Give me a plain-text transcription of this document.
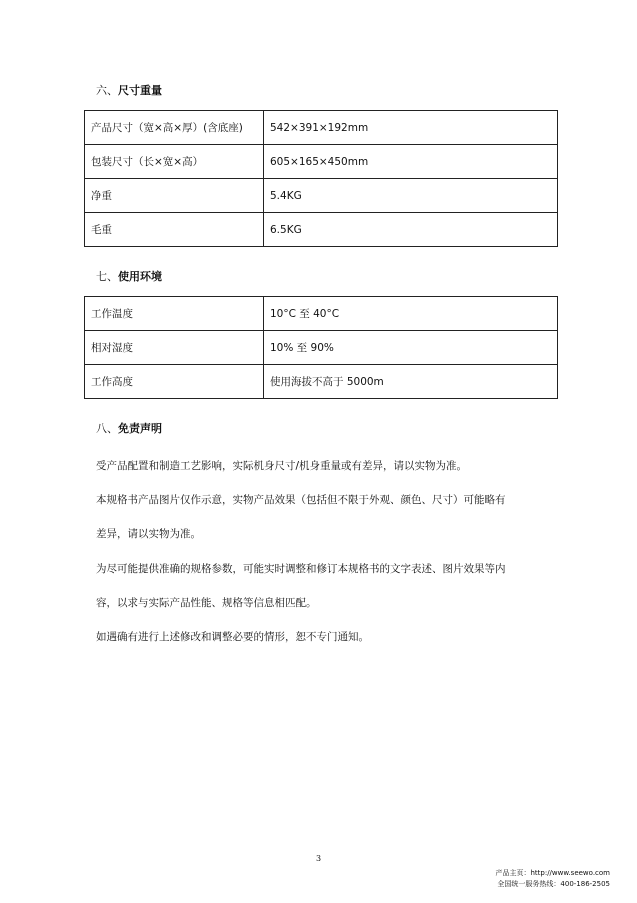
六、尺寸重量
产品尺寸（宽×高×厚）(含底座)	542×391×192mm
包装尺寸（长×宽×高）	605×165×450mm
净重	5.4KG
毛重	6.5KG
七、使用环境
工作温度	10°C 至 40°C
相对湿度	10% 至 90%
工作高度	使用海拔不高于 5000m
八、免责声明
受产品配置和制造工艺影响，实际机身尺寸/机身重量或有差异，请以实物为准。
本规格书产品图片仅作示意，实物产品效果（包括但不限于外观、颜色、尺寸）可能略有
差异，请以实物为准。
为尽可能提供准确的规格参数，可能实时调整和修订本规格书的文字表述、图片效果等内
容，以求与实际产品性能、规格等信息相匹配。
如遇确有进行上述修改和调整必要的情形，恕不专门通知。
3
产品主页：http://www.seewo.com
全国统一服务热线：400-186-2505
